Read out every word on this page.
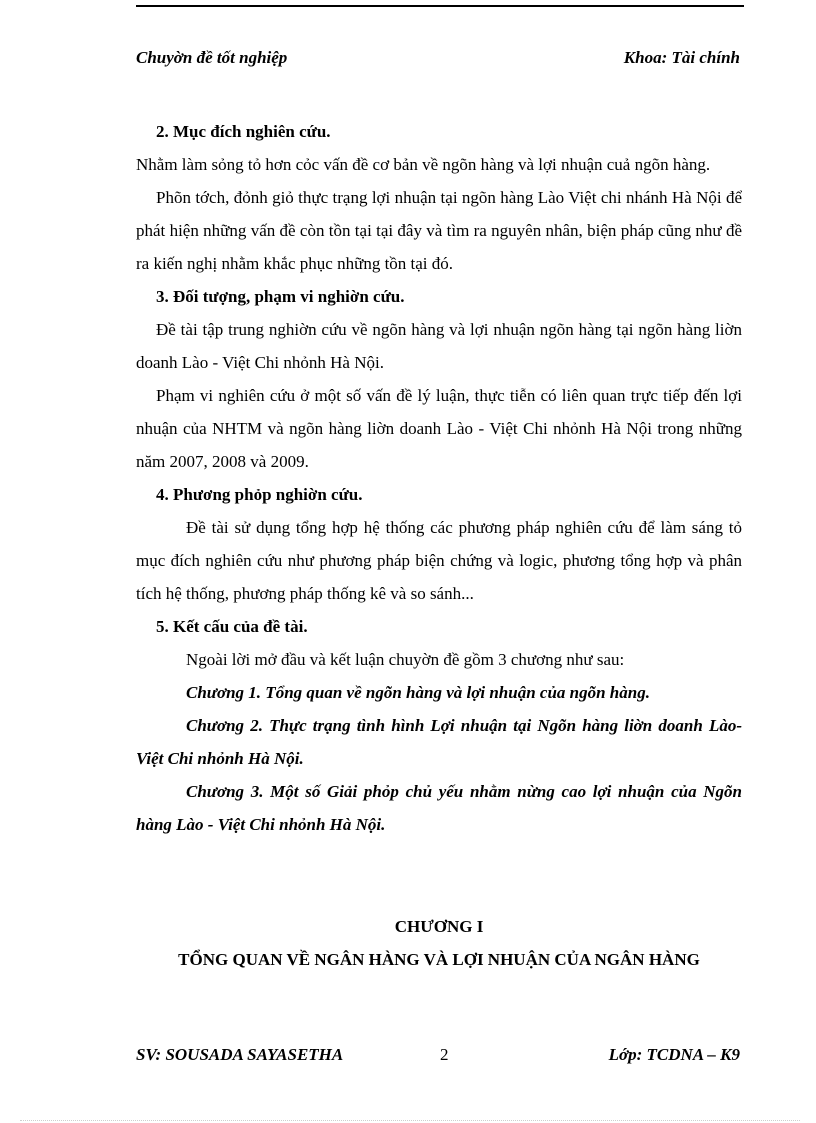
Chuyờn đề tốt nghiệp	Khoa: Tài chính

2. Mục đích nghiên cứu.

Nhằm làm sỏng tỏ hơn cỏc vấn đề cơ bản về ngõn hàng và lợi nhuận cuả ngõn hàng.

Phõn tớch, đỏnh giỏ thực trạng lợi nhuận tại ngõn hàng Lào Việt chi nhánh Hà Nội để phát hiện những vấn đề còn tồn tại tại đây và tìm ra nguyên nhân, biện pháp cũng như đề ra kiến nghị nhằm khắc phục những tồn tại đó.

3. Đối tượng, phạm vi nghiờn cứu.

Đề tài tập trung nghiờn cứu về ngõn hàng và lợi nhuận ngõn hàng tại ngõn hàng liờn doanh Lào - Việt Chi nhỏnh Hà Nội.

Phạm vi nghiên cứu ở một số vấn đề lý luận, thực tiễn có liên quan trực tiếp đến lợi nhuận của NHTM và ngõn hàng liờn doanh Lào - Việt Chi nhỏnh Hà Nội trong những năm 2007, 2008 và 2009.

4. Phương phỏp nghiờn cứu.

Đề tài sử dụng tổng hợp hệ thống các phương pháp nghiên cứu để làm sáng tỏ mục đích nghiên cứu như phương pháp biện chứng và logic, phương tổng hợp và phân tích hệ thống, phương pháp thống kê và so sánh...

5. Kết cấu của đề tài.

Ngoài lời mở đầu và kết luận chuyờn đề gồm 3 chương như sau:

Chương 1. Tổng quan về ngõn hàng và lợi nhuận của ngõn hàng.

Chương 2. Thực trạng tình hình Lợi nhuận tại Ngõn hàng liờn doanh Lào- Việt Chi nhỏnh Hà Nội.

Chương 3. Một số Giải phỏp chủ yếu nhằm nừng cao lợi nhuận của Ngõn hàng Lào - Việt Chi nhỏnh Hà Nội.

CHƯƠNG I
TỔNG QUAN VỀ NGÂN HÀNG VÀ LỢI NHUẬN CỦA NGÂN HÀNG
SV: SOUSADA SAYASETHA	2	Lớp: TCDNA – K9
